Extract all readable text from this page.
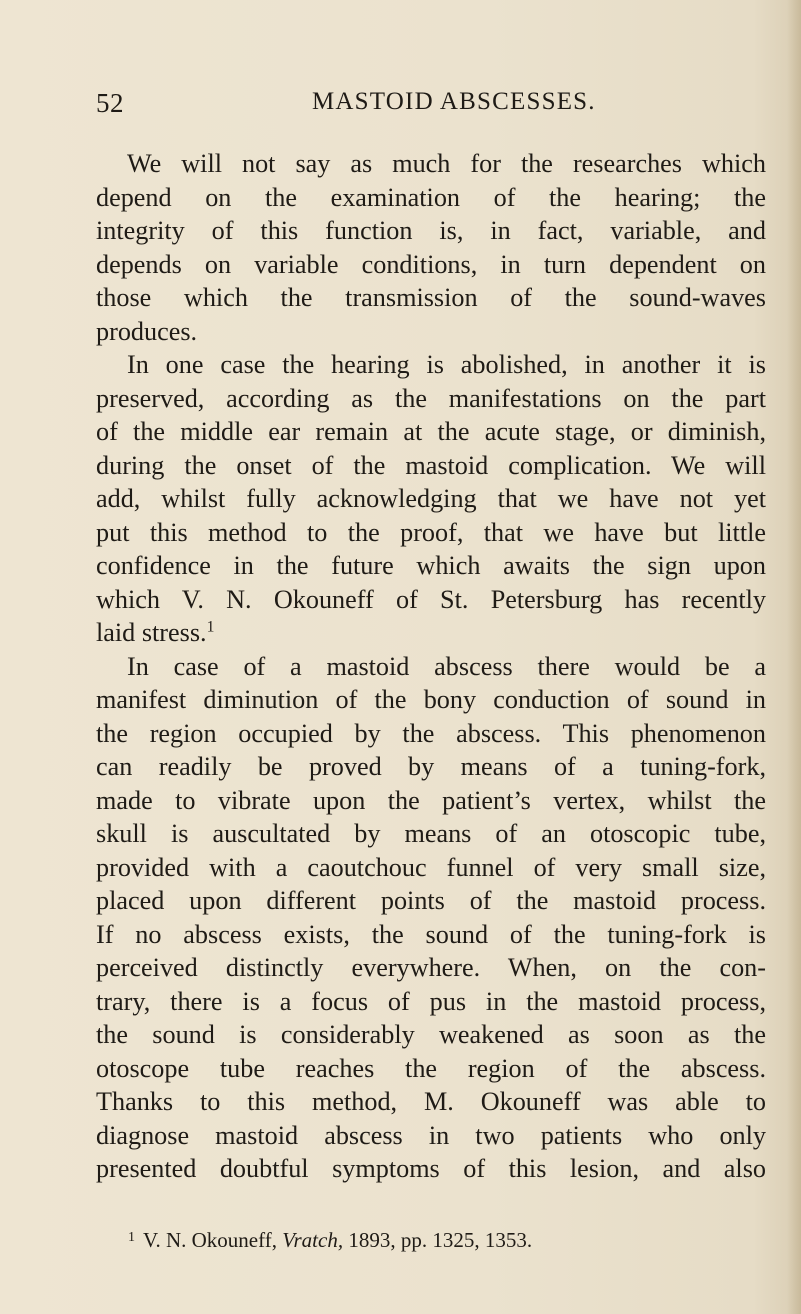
52	MASTOID ABSCESSES.
We will not say as much for the researches which
depend on the examination of the hearing; the
integrity of this function is, in fact, variable, and
depends on variable conditions, in turn dependent on
those which the transmission of the sound-waves
produces.
In one case the hearing is abolished, in another it is
preserved, according as the manifestations on the part
of the middle ear remain at the acute stage, or diminish,
during the onset of the mastoid complication. We will
add, whilst fully acknowledging that we have not yet
put this method to the proof, that we have but little
confidence in the future which awaits the sign upon
which V. N. Okouneff of St. Petersburg has recently
laid stress.$^1$
In case of a mastoid abscess there would be a
manifest diminution of the bony conduction of sound in
the region occupied by the abscess. This phenomenon
can readily be proved by means of a tuning-fork,
made to vibrate upon the patient’s vertex, whilst the
skull is auscultated by means of an otoscopic tube,
provided with a caoutchouc funnel of very small size,
placed upon different points of the mastoid process.
If no abscess exists, the sound of the tuning-fork is
perceived distinctly everywhere. When, on the con-
trary, there is a focus of pus in the mastoid process,
the sound is considerably weakened as soon as the
otoscope tube reaches the region of the abscess.
Thanks to this method, M. Okouneff was able to
diagnose mastoid abscess in two patients who only
presented doubtful symptoms of this lesion, and also
$^1$ V. N. Okouneff, Vratch, 1893, pp. 1325, 1353.
